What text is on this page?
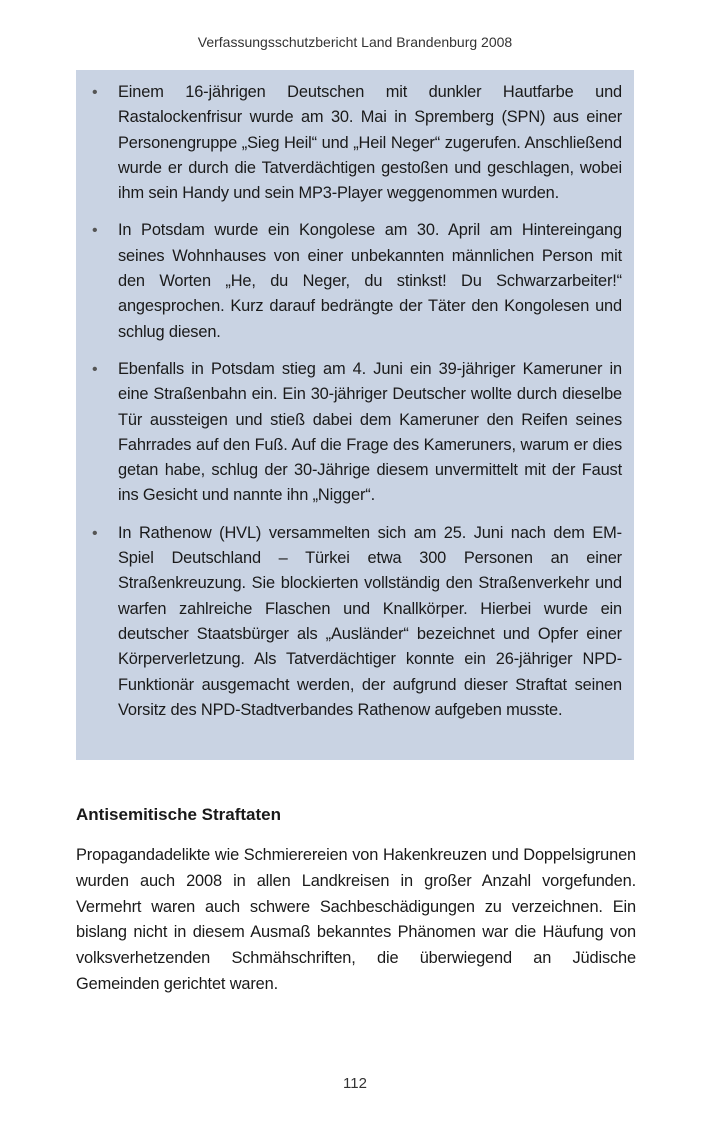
Verfassungsschutzbericht Land Brandenburg 2008
• Einem 16-jährigen Deutschen mit dunkler Hautfarbe und Rastalockenfrisur wurde am 30. Mai in Spremberg (SPN) aus einer Personengruppe „Sieg Heil“ und „Heil Neger“ zugerufen. Anschließend wurde er durch die Tatverdächtigen gestoßen und geschlagen, wobei ihm sein Handy und sein MP3-Player weggenommen wurden.
• In Potsdam wurde ein Kongolese am 30. April am Hintereingang seines Wohnhauses von einer unbekannten männlichen Person mit den Worten „He, du Neger, du stinkst! Du Schwarzarbeiter!“ angesprochen. Kurz darauf bedrängte der Täter den Kongolesen und schlug diesen.
• Ebenfalls in Potsdam stieg am 4. Juni ein 39-jähriger Kameruner in eine Straßenbahn ein. Ein 30-jähriger Deutscher wollte durch dieselbe Tür aussteigen und stieß dabei dem Kameruner den Reifen seines Fahrrades auf den Fuß. Auf die Frage des Kameruners, warum er dies getan habe, schlug der 30-Jährige diesem unvermittelt mit der Faust ins Gesicht und nannte ihn „Nigger“.
• In Rathenow (HVL) versammelten sich am 25. Juni nach dem EM-Spiel Deutschland – Türkei etwa 300 Personen an einer Straßenkreuzung. Sie blockierten vollständig den Straßenverkehr und warfen zahlreiche Flaschen und Knallkörper. Hierbei wurde ein deutscher Staatsbürger als „Ausländer“ bezeichnet und Opfer einer Körperverletzung. Als Tatverdächtiger konnte ein 26-jähriger NPD-Funktionär ausgemacht werden, der aufgrund dieser Straftat seinen Vorsitz des NPD-Stadtverbandes Rathenow aufgeben musste.
Antisemitische Straftaten

Propagandadelikte wie Schmierereien von Hakenkreuzen und Doppelsigrunen wurden auch 2008 in allen Landkreisen in großer Anzahl vorgefunden. Vermehrt waren auch schwere Sachbeschädigungen zu verzeichnen. Ein bislang nicht in diesem Ausmaß bekanntes Phänomen war die Häufung von volksverhetzenden Schmähschriften, die überwiegend an Jüdische Gemeinden gerichtet waren.

112
